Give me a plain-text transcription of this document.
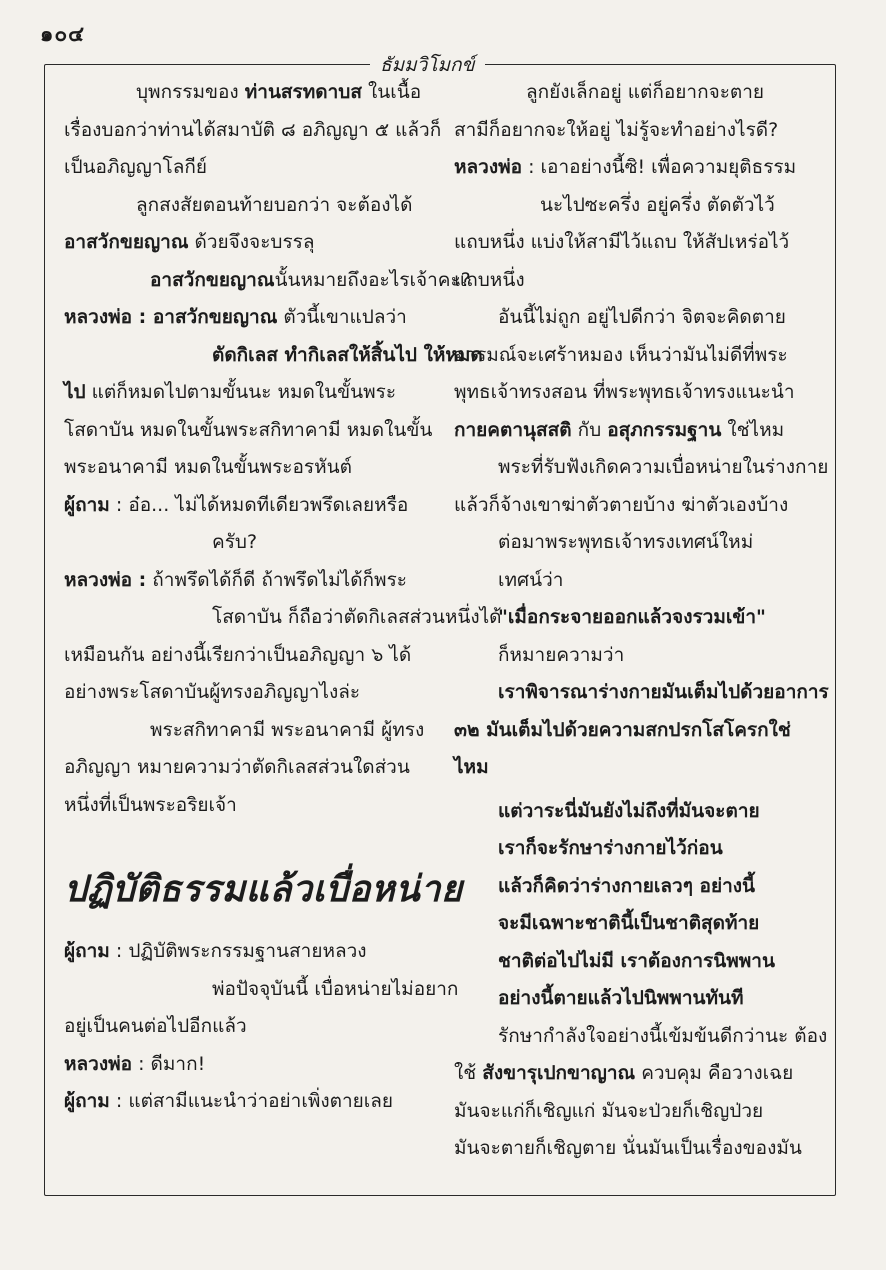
๑๐๔
ธัมมวิโมกข์
บุพกรรมของ ท่านสรทดาบส ในเนื้อ
เรื่องบอกว่าท่านได้สมาบัติ ๘ อภิญญา ๕ แล้วก็
เป็นอภิญญาโลกีย์
ลูกสงสัยตอนท้ายบอกว่า จะต้องได้
อาสวักขยญาณ ด้วยจึงจะบรรลุ
อาสวักขยญาณนั้นหมายถึงอะไรเจ้าคะ?
หลวงพ่อ : อาสวักขยญาณ ตัวนี้เขาแปลว่า
ตัดกิเลส ทำกิเลสให้สิ้นไป ให้หมด
ไป แต่ก็หมดไปตามขั้นนะ หมดในขั้นพระ
โสดาบัน หมดในขั้นพระสกิทาคามี หมดในขั้น
พระอนาคามี หมดในขั้นพระอรหันต์
ผู้ถาม : อ๋อ... ไม่ได้หมดทีเดียวพรึดเลยหรือ
ครับ?
หลวงพ่อ : ถ้าพรึดได้ก็ดี ถ้าพรึดไม่ได้ก็พระ
โสดาบัน ก็ถือว่าตัดกิเลสส่วนหนึ่งได้
เหมือนกัน อย่างนี้เรียกว่าเป็นอภิญญา ๖ ได้
อย่างพระโสดาบันผู้ทรงอภิญญาไงล่ะ
พระสกิทาคามี พระอนาคามี ผู้ทรง
อภิญญา หมายความว่าตัดกิเลสส่วนใดส่วน
หนึ่งที่เป็นพระอริยเจ้า
ปฏิบัติธรรมแล้วเบื่อหน่าย
ผู้ถาม : ปฏิบัติพระกรรมฐานสายหลวง
พ่อปัจจุบันนี้ เบื่อหน่ายไม่อยาก
อยู่เป็นคนต่อไปอีกแล้ว
หลวงพ่อ : ดีมาก!
ผู้ถาม : แต่สามีแนะนำว่าอย่าเพิ่งตายเลย
ลูกยังเล็กอยู่ แต่ก็อยากจะตาย
สามีก็อยากจะให้อยู่ ไม่รู้จะทำอย่างไรดี?
หลวงพ่อ : เอาอย่างนี้ซิ! เพื่อความยุติธรรม
นะไปซะครึ่ง อยู่ครึ่ง ตัดตัวไว้
แถบหนึ่ง แบ่งให้สามีไว้แถบ ให้สัปเหร่อไว้
แถบหนึ่ง
อันนี้ไม่ถูก อยู่ไปดีกว่า จิตจะคิดตาย
อารมณ์จะเศร้าหมอง เห็นว่ามันไม่ดีที่พระ
พุทธเจ้าทรงสอน ที่พระพุทธเจ้าทรงแนะนำ
กายคตานุสสติ กับ อสุภกรรมฐาน ใช่ไหม
พระที่รับฟังเกิดความเบื่อหน่ายในร่างกาย
แล้วก็จ้างเขาฆ่าตัวตายบ้าง ฆ่าตัวเองบ้าง
ต่อมาพระพุทธเจ้าทรงเทศน์ใหม่
เทศน์ว่า
"เมื่อกระจายออกแล้วจงรวมเข้า"
ก็หมายความว่า
เราพิจารณาร่างกายมันเต็มไปด้วยอาการ
๓๒ มันเต็มไปด้วยความสกปรกโสโครกใช่
ไหม
แต่วาระนี่มันยังไม่ถึงที่มันจะตาย
เราก็จะรักษาร่างกายไว้ก่อน
แล้วก็คิดว่าร่างกายเลวๆ อย่างนี้
จะมีเฉพาะชาตินี้เป็นชาติสุดท้าย
ชาติต่อไปไม่มี เราต้องการนิพพาน
อย่างนี้ตายแล้วไปนิพพานทันที
รักษากำลังใจอย่างนี้เข้มข้นดีกว่านะ ต้อง
ใช้ สังขารุเปกขาญาณ ควบคุม คือวางเฉย
มันจะแก่ก็เชิญแก่ มันจะป่วยก็เชิญป่วย
มันจะตายก็เชิญตาย นั่นมันเป็นเรื่องของมัน
